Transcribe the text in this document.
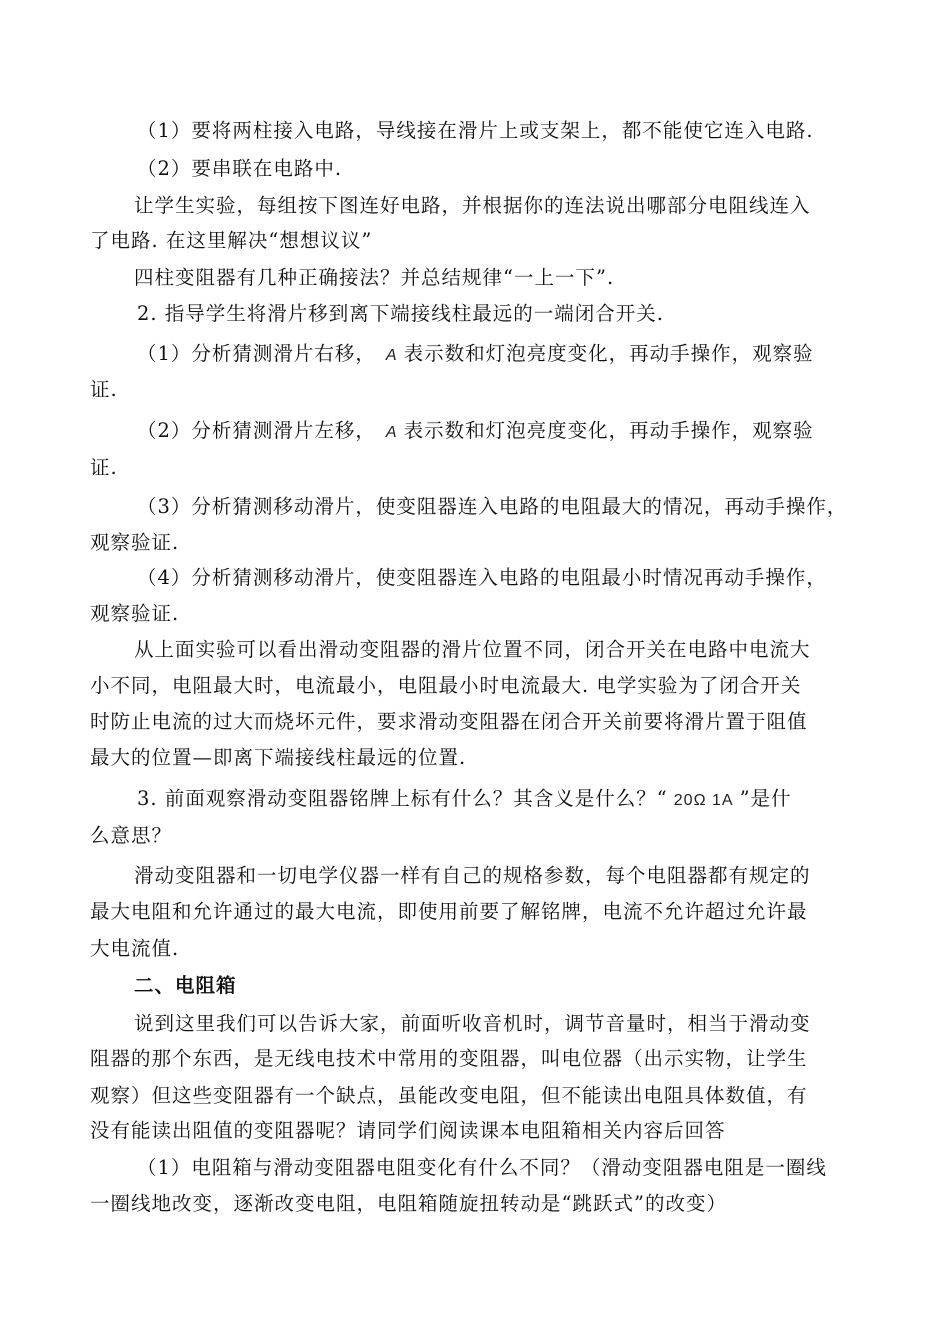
（1）要将两柱接入电路，导线接在滑片上或支架上，都不能使它连入电路.
（2）要串联在电路中.
让学生实验，每组按下图连好电路，并根据你的连法说出哪部分电阻线连入
了电路. 在这里解决“想想议议”
四柱变阻器有几种正确接法？并总结规律“一上一下”.
2. 指导学生将滑片移到离下端接线柱最远的一端闭合开关.
（1）分析猜测滑片右移， A 表示数和灯泡亮度变化，再动手操作，观察验
证.
（2）分析猜测滑片左移， A 表示数和灯泡亮度变化，再动手操作，观察验
证.
（3）分析猜测移动滑片，使变阻器连入电路的电阻最大的情况，再动手操作，
观察验证.
（4）分析猜测移动滑片，使变阻器连入电路的电阻最小时情况再动手操作，
观察验证.
从上面实验可以看出滑动变阻器的滑片位置不同，闭合开关在电路中电流大
小不同，电阻最大时，电流最小，电阻最小时电流最大. 电学实验为了闭合开关
时防止电流的过大而烧坏元件，要求滑动变阻器在闭合开关前要将滑片置于阻值
最大的位置—即离下端接线柱最远的位置.
3. 前面观察滑动变阻器铭牌上标有什么？其含义是什么？“ 20Ω 1A ”是什
么意思？
滑动变阻器和一切电学仪器一样有自己的规格参数，每个电阻器都有规定的
最大电阻和允许通过的最大电流，即使用前要了解铭牌，电流不允许超过允许最
大电流值.
二、电阻箱
说到这里我们可以告诉大家，前面听收音机时，调节音量时，相当于滑动变
阻器的那个东西，是无线电技术中常用的变阻器，叫电位器（出示实物，让学生
观察）但这些变阻器有一个缺点，虽能改变电阻，但不能读出电阻具体数值，有
没有能读出阻值的变阻器呢？请同学们阅读课本电阻箱相关内容后回答
（1）电阻箱与滑动变阻器电阻变化有什么不同？（滑动变阻器电阻是一圈线
一圈线地改变，逐渐改变电阻，电阻箱随旋扭转动是“跳跃式”的改变）
